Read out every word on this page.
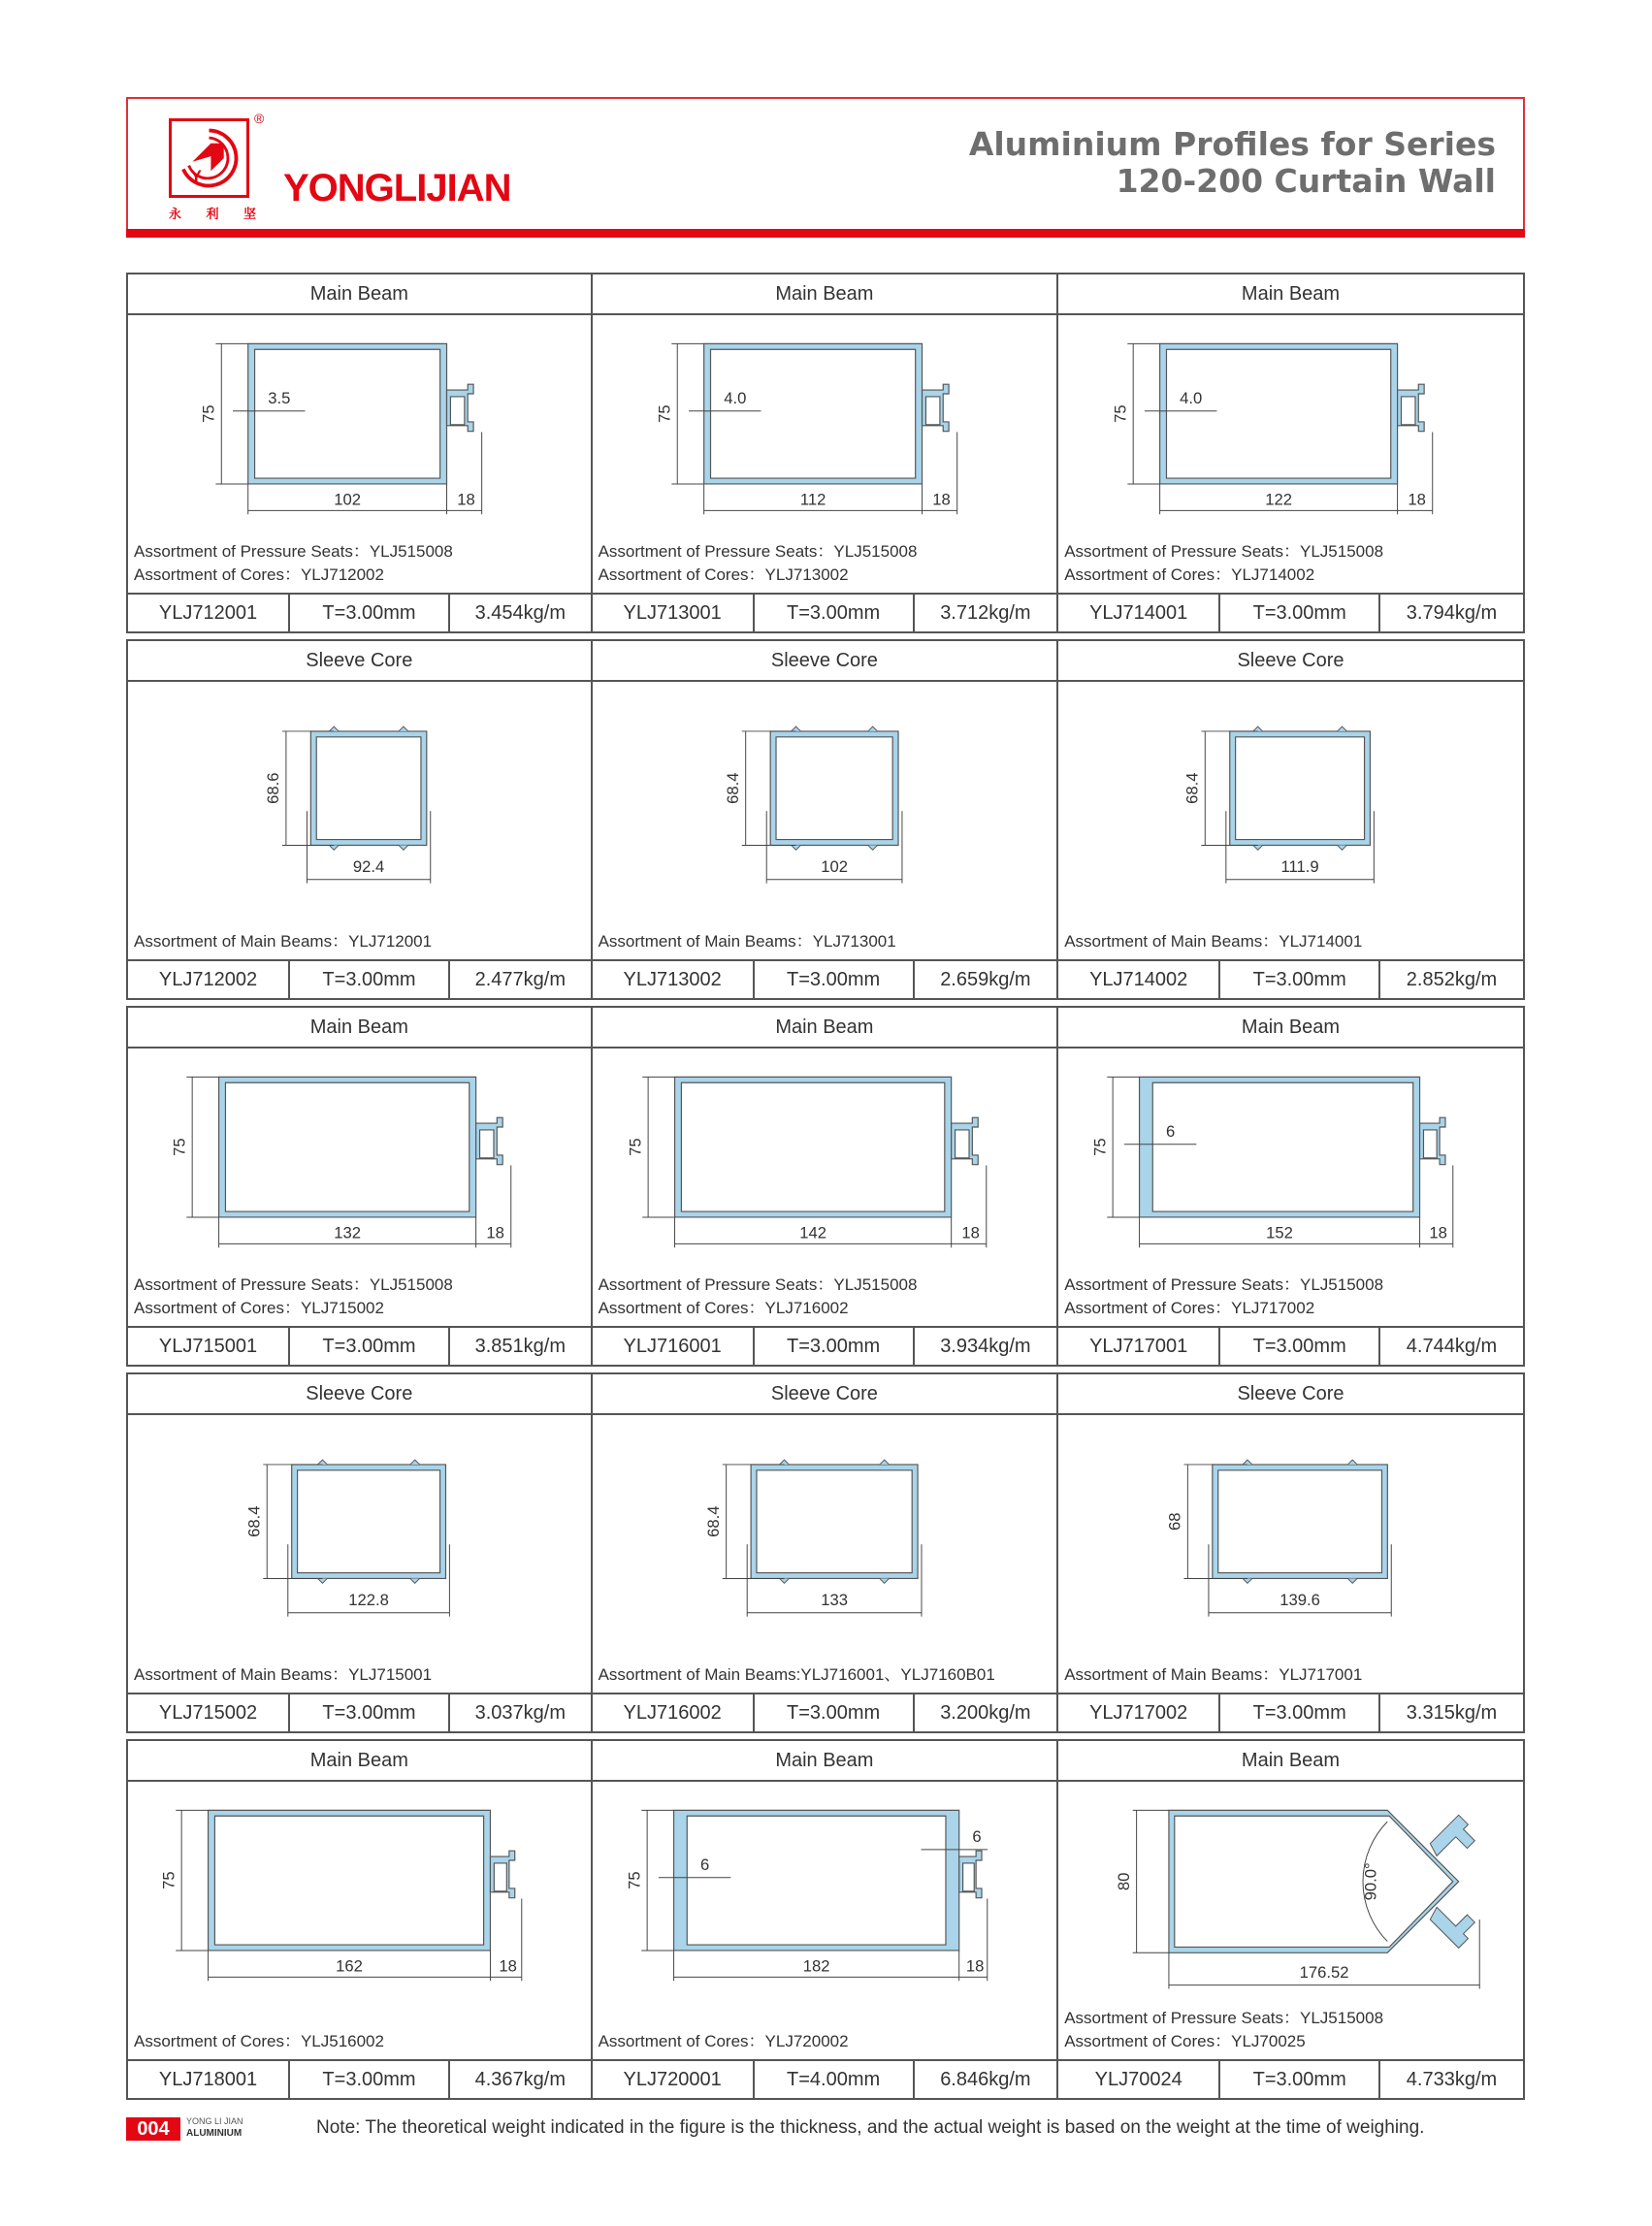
Y
®
永 利 坚
YONGLIJIAN
Aluminium Profiles for Series
120-200 Curtain Wall
Main Beam
75
102	18
3.5
Assortment of Pressure Seats：YLJ515008
Assortment of Cores：YLJ712002
YLJ712001	T=3.00mm	3.454kg/m
Main Beam
75
112	18
4.0
Assortment of Pressure Seats：YLJ515008
Assortment of Cores：YLJ713002
YLJ713001	T=3.00mm	3.712kg/m
Main Beam
75
122	18
4.0
Assortment of Pressure Seats：YLJ515008
Assortment of Cores：YLJ714002
YLJ714001	T=3.00mm	3.794kg/m
Sleeve Core
68.6
92.4
Assortment of Main Beams：YLJ712001
YLJ712002	T=3.00mm	2.477kg/m
Sleeve Core
68.4
102
Assortment of Main Beams：YLJ713001
YLJ713002	T=3.00mm	2.659kg/m
Sleeve Core
68.4
111.9
Assortment of Main Beams：YLJ714001
YLJ714002	T=3.00mm	2.852kg/m
Main Beam
75
132	18
Assortment of Pressure Seats：YLJ515008
Assortment of Cores：YLJ715002
YLJ715001	T=3.00mm	3.851kg/m
Main Beam
75
142	18
Assortment of Pressure Seats：YLJ515008
Assortment of Cores：YLJ716002
YLJ716001	T=3.00mm	3.934kg/m
Main Beam
75
152	18
6
Assortment of Pressure Seats：YLJ515008
Assortment of Cores：YLJ717002
YLJ717001	T=3.00mm	4.744kg/m
Sleeve Core
68.4
122.8
Assortment of Main Beams：YLJ715001
YLJ715002	T=3.00mm	3.037kg/m
Sleeve Core
68.4
133
Assortment of Main Beams:YLJ716001、YLJ7160B01
YLJ716002	T=3.00mm	3.200kg/m
Sleeve Core
68
139.6
Assortment of Main Beams：YLJ717001
YLJ717002	T=3.00mm	3.315kg/m
Main Beam
75
162	18
Assortment of Cores：YLJ516002
YLJ718001	T=3.00mm	4.367kg/m
Main Beam
75
182	18
6
6
Assortment of Cores：YLJ720002
YLJ720001	T=4.00mm	6.846kg/m
Main Beam
90.0°
80
176.52
Assortment of Pressure Seats：YLJ515008
Assortment of Cores：YLJ70025
YLJ70024	T=3.00mm	4.733kg/m
004	YONG LI JIAN
ALUMINIUM	Note: The theoretical weight indicated in the figure is the thickness, and the actual weight is based on the weight at the time of weighing.
